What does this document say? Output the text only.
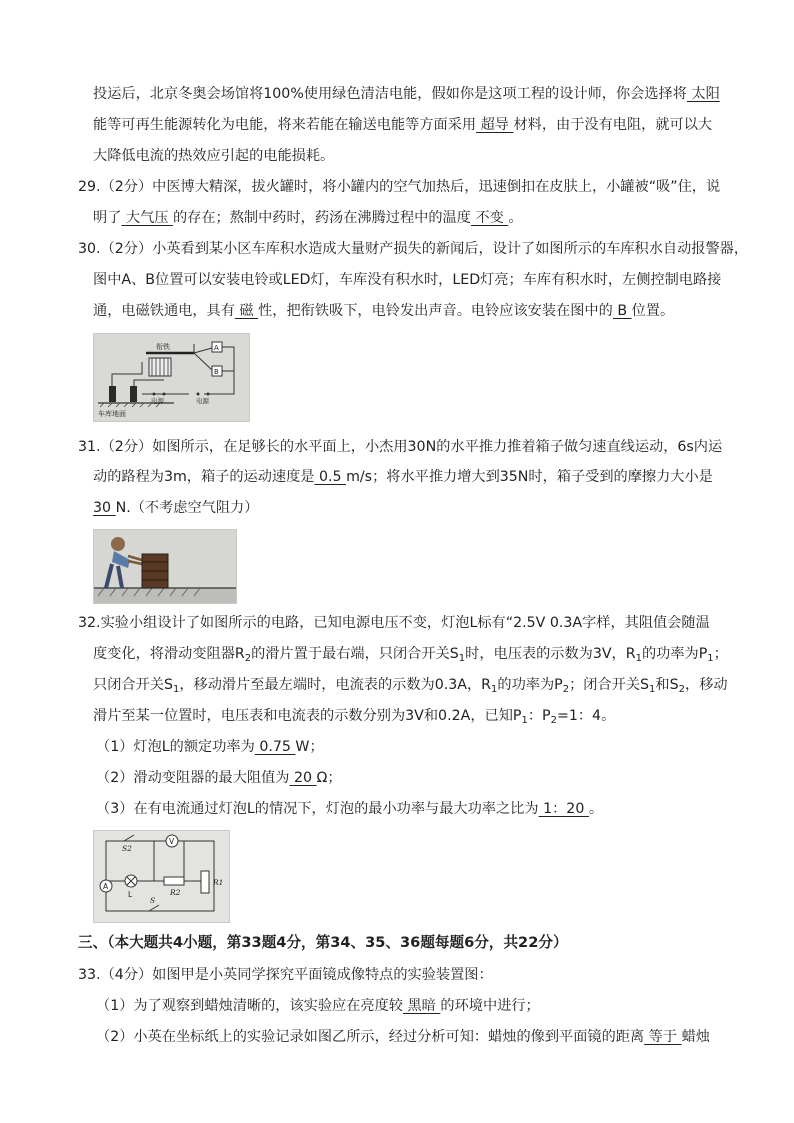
投运后，北京冬奥会场馆将100%使用绿色清洁电能，假如你是这项工程的设计师，你会选择将 太阳
能等可再生能源转化为电能，将来若能在输送电能等方面采用 超导 材料，由于没有电阻，就可以大
大降低电流的热效应引起的电能损耗。
29.（2分）中医博大精深，拔火罐时，将小罐内的空气加热后，迅速倒扣在皮肤上，小罐被“吸”住，说
明了 大气压 的存在；熬制中药时，药汤在沸腾过程中的温度 不变 。
30.（2分）小英看到某小区车库积水造成大量财产损失的新闻后，设计了如图所示的车库积水自动报警器，
图中A、B位置可以安装电铃或LED灯，车库没有积水时，LED灯亮；车库有积水时，左侧控制电路接
通，电磁铁通电，具有 磁 性，把衔铁吸下，电铃发出声音。电铃应该安装在图中的 B 位置。
衔铁	A
B
车库地面
电源	电源
31.（2分）如图所示，在足够长的水平面上，小杰用30N的水平推力推着箱子做匀速直线运动，6s内运
动的路程为3m，箱子的运动速度是 0.5 m/s；将水平推力增大到35N时，箱子受到的摩擦力大小是
30 N.（不考虑空气阻力）
32.实验小组设计了如图所示的电路，已知电源电压不变，灯泡L标有“2.5V 0.3A字样，其阻值会随温
度变化，将滑动变阻器$R_2$的滑片置于最右端，只闭合开关$S_1$时，电压表的示数为3V，$R_1$的功率为$P_1$；
只闭合开关$S_1$，移动滑片至最左端时，电流表的示数为0.3A，$R_1$的功率为$P_2$；闭合开关$S_1$和$S_2$，移动
滑片至某一位置时，电压表和电流表的示数分别为3V和0.2A，已知$P_1$：$P_2=1$：4。
（1）灯泡L的额定功率为 0.75 W；
（2）滑动变阻器的最大阻值为 20 Ω；
（3）在有电流通过灯泡L的情况下，灯泡的最小功率与最大功率之比为 1：20 。
S2
V
L
A
R2
R1
S
三、（本大题共4小题，第33题4分，第34、35、36题每题6分，共22分）
33.（4分）如图甲是小英同学探究平面镜成像特点的实验装置图：
（1）为了观察到蜡烛清晰的，该实验应在亮度较 黑暗 的环境中进行；
（2）小英在坐标纸上的实验记录如图乙所示，经过分析可知：蜡烛的像到平面镜的距离 等于 蜡烛
